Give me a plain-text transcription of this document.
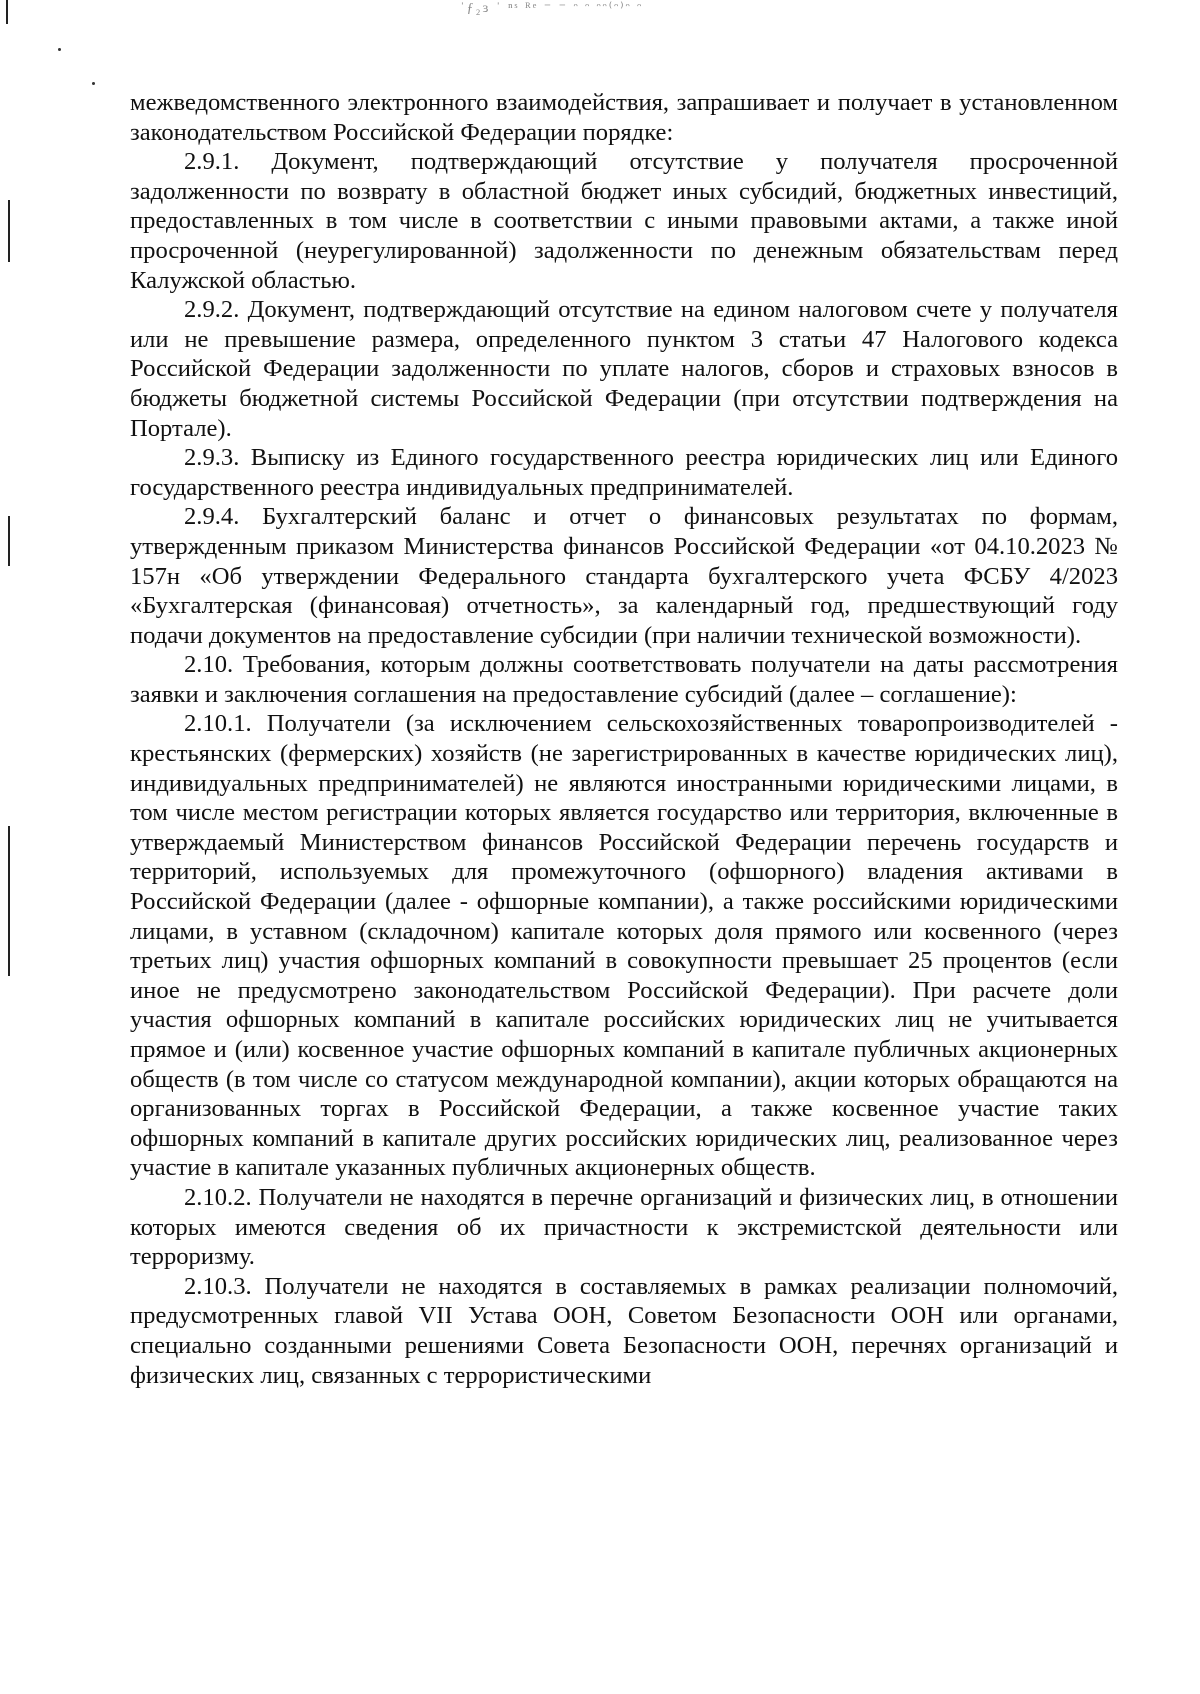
ˈƒ₂ɜ ˈ ⁿˢ ᴿᵉ ⁻ ⁻ ᵔ ᵔ ᵔᵔ⁽ᵔ⁾ᵔ ᵔ

межведомственного электронного взаимодействия, запрашивает и получает в установленном законодательством Российской Федерации порядке:

2.9.1. Документ, подтверждающий отсутствие у получателя просроченной задолженности по возврату в областной бюджет иных субсидий, бюджетных инвестиций, предоставленных в том числе в соответствии с иными правовыми актами, а также иной просроченной (неурегулированной) задолженности по денежным обязательствам перед Калужской областью.

2.9.2. Документ, подтверждающий отсутствие на едином налоговом счете у получателя или не превышение размера, определенного пунктом 3 статьи 47 Налогового кодекса Российской Федерации задолженности по уплате налогов, сборов и страховых взносов в бюджеты бюджетной системы Российской Федерации (при отсутствии подтверждения на Портале).

2.9.3. Выписку из Единого государственного реестра юридических лиц или Единого государственного реестра индивидуальных предпринимателей.

2.9.4. Бухгалтерский баланс и отчет о финансовых результатах по формам, утвержденным приказом Министерства финансов Российской Федерации «от 04.10.2023 № 157н «Об утверждении Федерального стандарта бухгалтерского учета ФСБУ 4/2023 «Бухгалтерская (финансовая) отчетность», за календарный год, предшествующий году подачи документов на предоставление субсидии (при наличии технической возможности).

2.10. Требования, которым должны соответствовать получатели на даты рассмотрения заявки и заключения соглашения на предоставление субсидий (далее – соглашение):

2.10.1. Получатели (за исключением сельскохозяйственных товаропроизводителей - крестьянских (фермерских) хозяйств (не зарегистрированных в качестве юридических лиц), индивидуальных предпринимателей) не являются иностранными юридическими лицами, в том числе местом регистрации которых является государство или территория, включенные в утверждаемый Министерством финансов Российской Федерации перечень государств и территорий, используемых для промежуточного (офшорного) владения активами в Российской Федерации (далее - офшорные компании), а также российскими юридическими лицами, в уставном (складочном) капитале которых доля прямого или косвенного (через третьих лиц) участия офшорных компаний в совокупности превышает 25 процентов (если иное не предусмотрено законодательством Российской Федерации). При расчете доли участия офшорных компаний в капитале российских юридических лиц не учитывается прямое и (или) косвенное участие офшорных компаний в капитале публичных акционерных обществ (в том числе со статусом международной компании), акции которых обращаются на организованных торгах в Российской Федерации, а также косвенное участие таких офшорных компаний в капитале других российских юридических лиц, реализованное через участие в капитале указанных публичных акционерных обществ.

2.10.2. Получатели не находятся в перечне организаций и физических лиц, в отношении которых имеются сведения об их причастности к экстремистской деятельности или терроризму.

2.10.3. Получатели не находятся в составляемых в рамках реализации полномочий, предусмотренных главой VII Устава ООН, Советом Безопасности ООН или органами, специально созданными решениями Совета Безопасности ООН, перечнях организаций и физических лиц, связанных с террористическими
